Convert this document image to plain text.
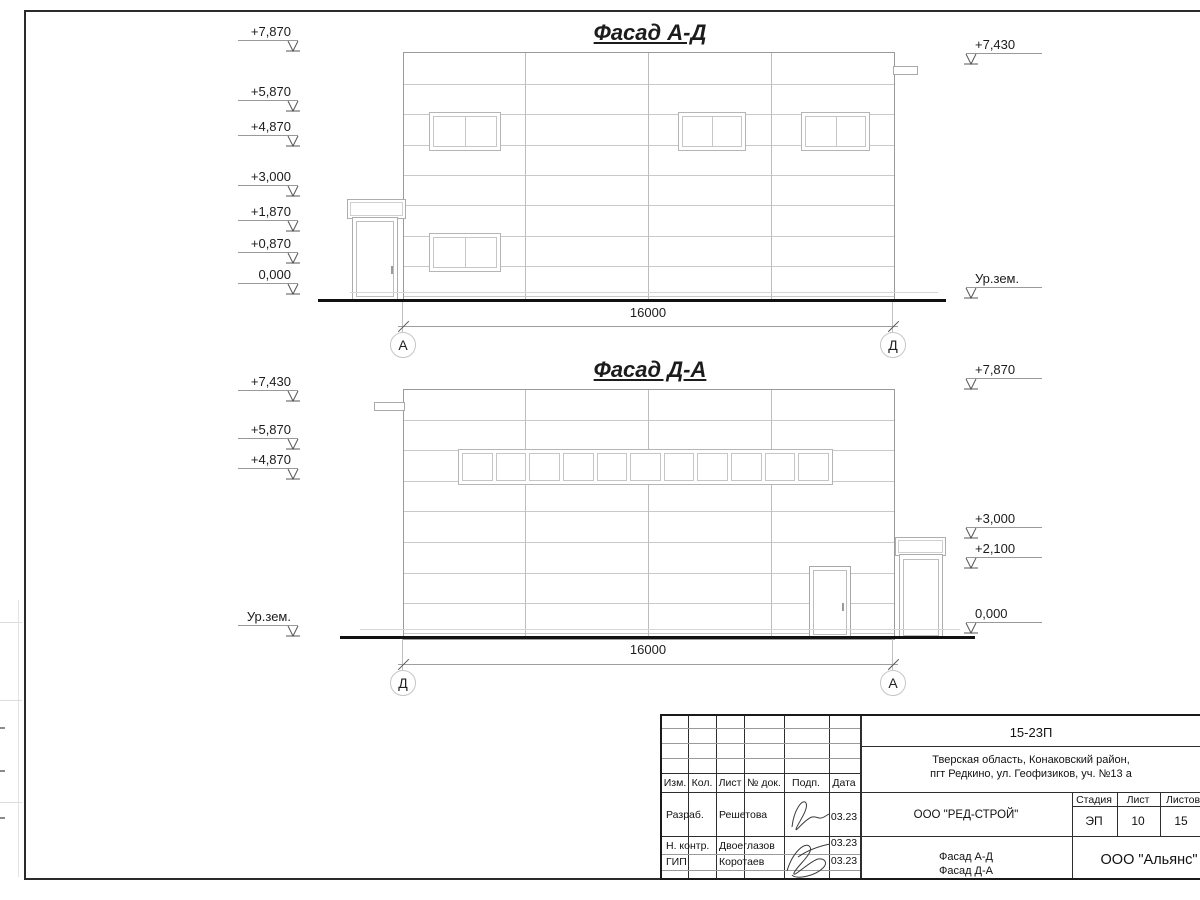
Фасад А-Д
16000
А	Д
+7,870
+5,870
+4,870
+3,000
+1,870
+0,870
0,000
+7,430
Ур.зем.
Фасад Д-А
16000
Д	А
+7,430
+5,870
+4,870
Ур.зем.
+7,870
+3,000
+2,100
0,000
Изм. Кол. Лист № док. Подп. Дата
Разраб. Решетова	03.23
Н. контр. Двоеглазов	03.23
ГИП	Коротаев	03.23
15-23П
Тверская область, Конаковский район,
пгт Редкино, ул. Геофизиков, уч. №13 а
ООО "РЕД-СТРОЙ"
Стадия Лист Листов
ЭП 10 15
Фасад А-Д
Фасад Д-А
ООО "Альянс"
